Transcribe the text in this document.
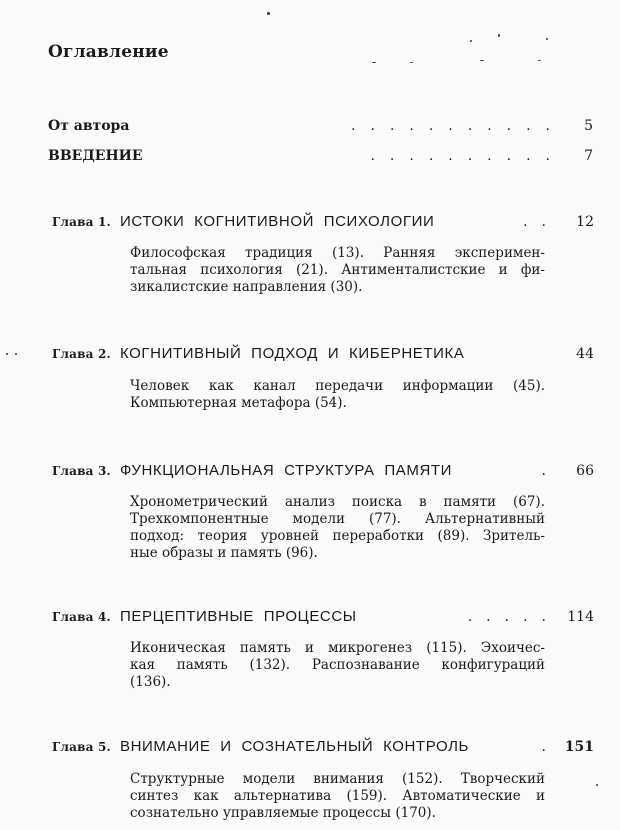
Оглавление
От автора	...........	5
ВВЕДЕНИЕ	..........	7
Глава 1. ИСТОКИ КОГНИТИВНОЙ ПСИХОЛОГИИ	..	12
Философская традиция (13). Ранняя эксперимен-
тальная психология (21). Антименталистские и фи-
зикалистские направления (30).
Глава 2. КОГНИТИВНЫЙ ПОДХОД И КИБЕРНЕТИКА	44
Человек как канал передачи информации (45).
Компьютерная метафора (54).
Глава 3. ФУНКЦИОНАЛЬНАЯ СТРУКТУРА ПАМЯТИ	.	66
Хронометрический анализ поиска в памяти (67).
Трехкомпонентные модели (77). Альтернативный
подход: теория уровней переработки (89). Зритель-
ные образы и память (96).
Глава 4. ПЕРЦЕПТИВНЫЕ ПРОЦЕССЫ	..... 114
Иконическая память и микрогенез (115). Эхоичес-
кая память (132). Распознавание конфигураций
(136).
Глава 5. ВНИМАНИЕ И СОЗНАТЕЛЬНЫЙ КОНТРОЛЬ	. 151
Структурные модели внимания (152). Творческий
синтез как альтернатива (159). Автоматические и
сознательно управляемые процессы (170).
